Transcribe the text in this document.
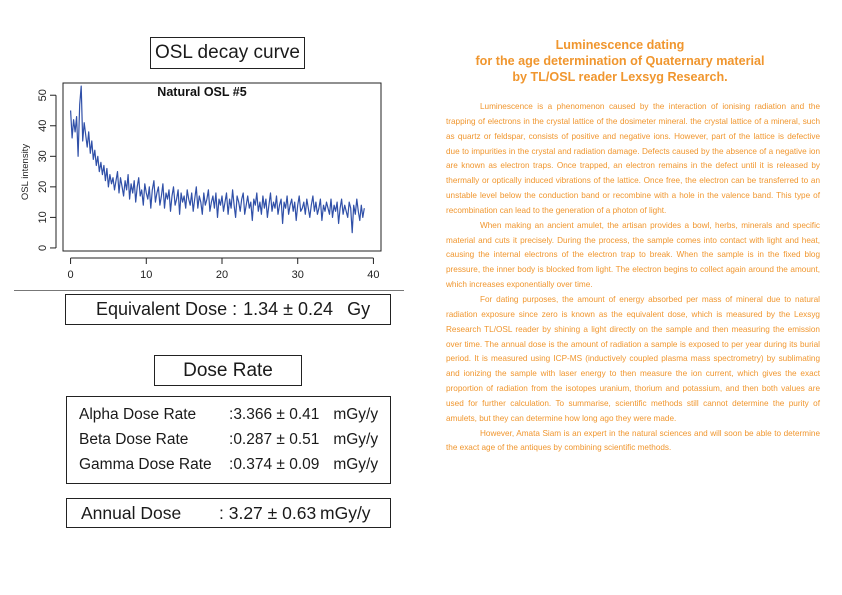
OSL decay curve
0	10	20	30	40
0
10
20
30
40
50
OSL intensity
Natural OSL #5
Equivalent Dose : 1.34 ± 0.24 Gy
Dose Rate
Alpha Dose Rate	: 3.366 ± 0.41 mGy/y
Beta Dose Rate	: 0.287 ± 0.51 mGy/y
Gamma Dose Rate	: 0.374 ± 0.09 mGy/y
Annual Dose : 3.27 ± 0.63 mGy/y
Luminescence dating
for the age determination of Quaternary material
by TL/OSL reader Lexsyg Research.

Luminescence is a phenomenon caused by the interaction of ionising radiation and the trapping of electrons in the crystal lattice of the dosimeter mineral. the crystal lattice of a mineral, such as quartz or feldspar, consists of positive and negative ions. However, part of the lattice is defective due to impurities in the crystal and radiation damage. Defects caused by the absence of a negative ion are known as electron traps. Once trapped, an electron remains in the defect until it is released by thermally or optically induced vibrations of the lattice. Once free, the electron can be transferred to an unstable level below the conduction band or recombine with a hole in the valence band. This type of recombination can lead to the generation of a photon of light.

When making an ancient amulet, the artisan provides a bowl, herbs, minerals and specific material and cuts it precisely. During the process, the sample comes into contact with light and heat, causing the internal electrons of the electron trap to break. When the sample is in the fixed blog pressure, the inner body is blocked from light. The electron begins to collect again around the amount, which increases exponentially over time.

For dating purposes, the amount of energy absorbed per mass of mineral due to natural radiation exposure since zero is known as the equivalent dose, which is measured by the Lexsyg Research TL/OSL reader by shining a light directly on the sample and then measuring the emission over time. The annual dose is the amount of radiation a sample is exposed to per year during its burial period. It is measured using ICP-MS (inductively coupled plasma mass spectrometry) by sublimating and ionizing the sample with laser energy to then measure the ion current, which gives the exact proportion of radiation from the isotopes uranium, thorium and potassium, and then both values are used for further calculation. To summarise, scientific methods still cannot determine the purity of amulets, but they can determine how long ago they were made.

However, Amata Siam is an expert in the natural sciences and will soon be able to determine the exact age of the antiques by combining scientific methods.
